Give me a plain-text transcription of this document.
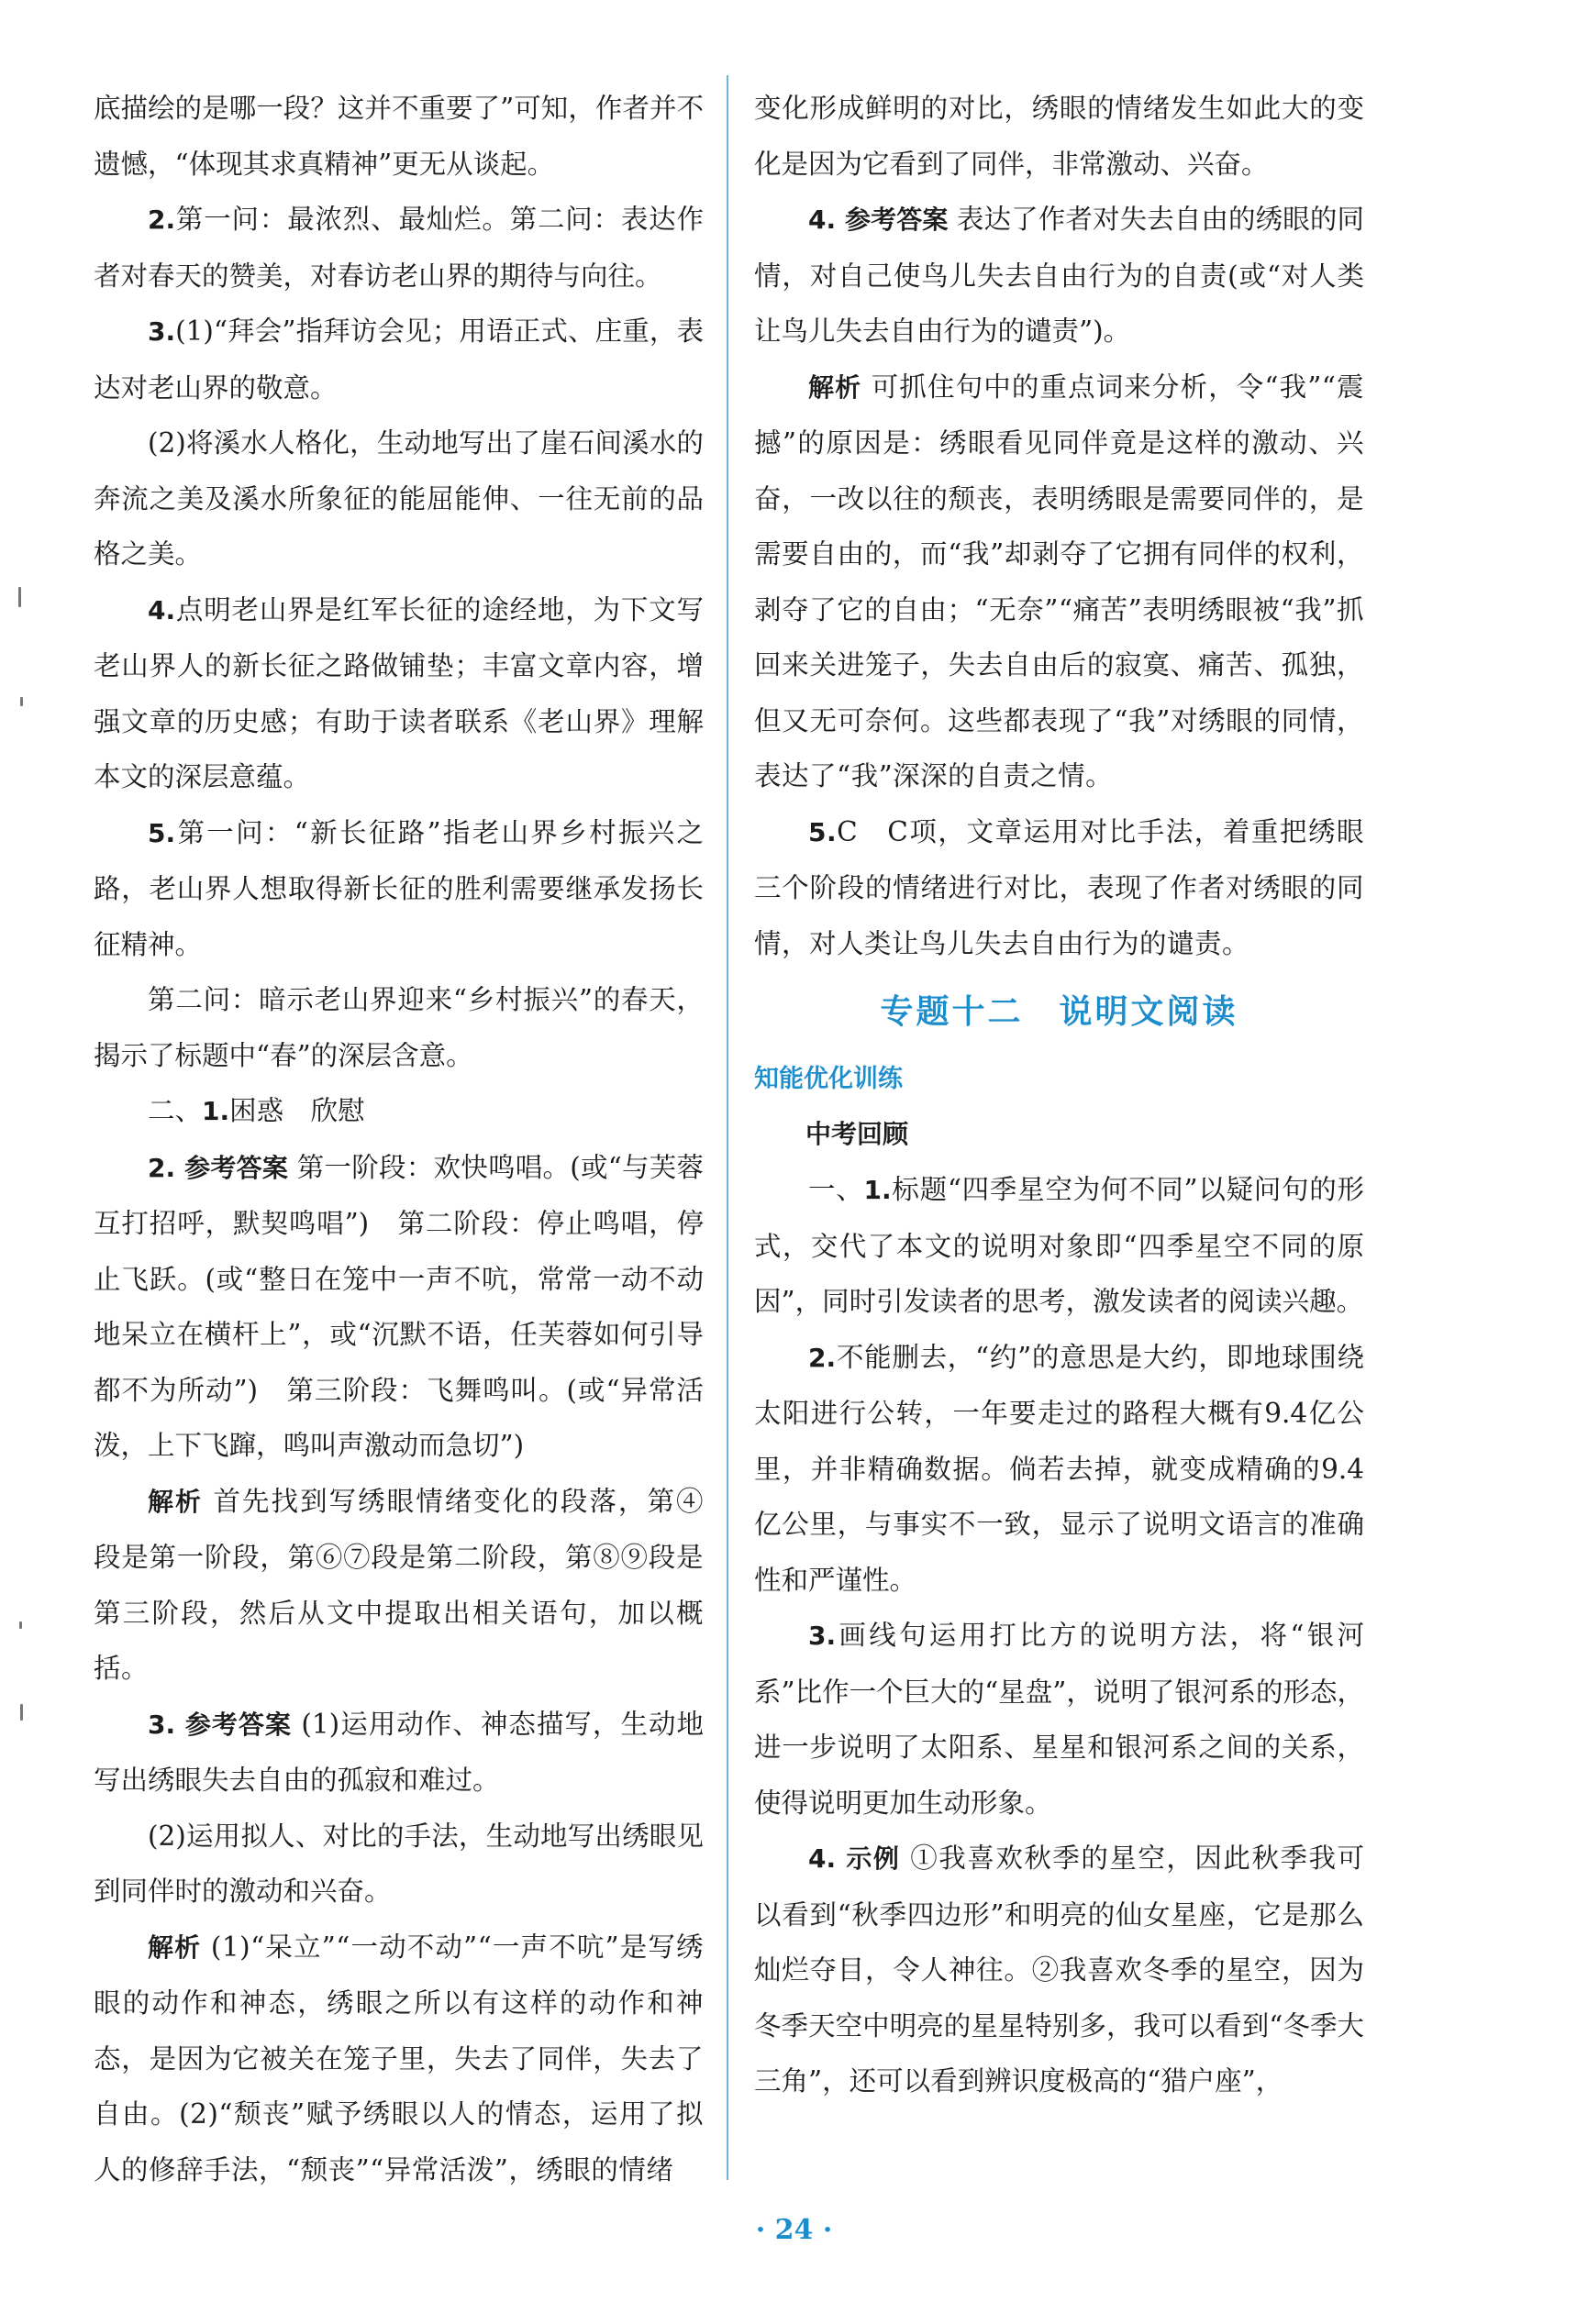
底描绘的是哪一段？这并不重要了”可知，作者并不遗憾，“体现其求真精神”更无从谈起。

2.第一问：最浓烈、最灿烂。第二问：表达作者对春天的赞美，对春访老山界的期待与向往。

3.(1)“拜会”指拜访会见；用语正式、庄重，表达对老山界的敬意。

(2)将溪水人格化，生动地写出了崖石间溪水的奔流之美及溪水所象征的能屈能伸、一往无前的品格之美。

4.点明老山界是红军长征的途经地，为下文写老山界人的新长征之路做铺垫；丰富文章内容，增强文章的历史感；有助于读者联系《老山界》理解本文的深层意蕴。

5.第一问：“新长征路”指老山界乡村振兴之路，老山界人想取得新长征的胜利需要继承发扬长征精神。

第二问：暗示老山界迎来“乡村振兴”的春天，揭示了标题中“春”的深层含意。

二、1.困惑　欣慰

2. 参考答案 第一阶段：欢快鸣唱。(或“与芙蓉互打招呼，默契鸣唱”)　第二阶段：停止鸣唱，停止飞跃。(或“整日在笼中一声不吭，常常一动不动地呆立在横杆上”，或“沉默不语，任芙蓉如何引导都不为所动”)　第三阶段：飞舞鸣叫。(或“异常活泼，上下飞蹿，鸣叫声激动而急切”)

解析 首先找到写绣眼情绪变化的段落，第④段是第一阶段，第⑥⑦段是第二阶段，第⑧⑨段是第三阶段，然后从文中提取出相关语句，加以概括。

3. 参考答案 (1)运用动作、神态描写，生动地写出绣眼失去自由的孤寂和难过。

(2)运用拟人、对比的手法，生动地写出绣眼见到同伴时的激动和兴奋。

解析 (1)“呆立”“一动不动”“一声不吭”是写绣眼的动作和神态，绣眼之所以有这样的动作和神态，是因为它被关在笼子里，失去了同伴，失去了自由。(2)“颓丧”赋予绣眼以人的情态，运用了拟人的修辞手法，“颓丧”“异常活泼”，绣眼的情绪

变化形成鲜明的对比，绣眼的情绪发生如此大的变化是因为它看到了同伴，非常激动、兴奋。

4. 参考答案 表达了作者对失去自由的绣眼的同情，对自己使鸟儿失去自由行为的自责(或“对人类让鸟儿失去自由行为的谴责”)。

解析 可抓住句中的重点词来分析，令“我”“震撼”的原因是：绣眼看见同伴竟是这样的激动、兴奋，一改以往的颓丧，表明绣眼是需要同伴的，是需要自由的，而“我”却剥夺了它拥有同伴的权利，剥夺了它的自由；“无奈”“痛苦”表明绣眼被“我”抓回来关进笼子，失去自由后的寂寞、痛苦、孤独，但又无可奈何。这些都表现了“我”对绣眼的同情，表达了“我”深深的自责之情。

5.C　C项，文章运用对比手法，着重把绣眼三个阶段的情绪进行对比，表现了作者对绣眼的同情，对人类让鸟儿失去自由行为的谴责。

专题十二　说明文阅读
知能优化训练
中考回顾

一、1.标题“四季星空为何不同”以疑问句的形式，交代了本文的说明对象即“四季星空不同的原因”，同时引发读者的思考，激发读者的阅读兴趣。

2.不能删去，“约”的意思是大约，即地球围绕太阳进行公转，一年要走过的路程大概有9.4亿公里，并非精确数据。倘若去掉，就变成精确的9.4亿公里，与事实不一致，显示了说明文语言的准确性和严谨性。

3.画线句运用打比方的说明方法，将“银河系”比作一个巨大的“星盘”，说明了银河系的形态，进一步说明了太阳系、星星和银河系之间的关系，使得说明更加生动形象。

4. 示例 ①我喜欢秋季的星空，因此秋季我可以看到“秋季四边形”和明亮的仙女星座，它是那么灿烂夺目，令人神往。②我喜欢冬季的星空，因为冬季天空中明亮的星星特别多，我可以看到“冬季大三角”，还可以看到辨识度极高的“猎户座”，

· 24 ·
